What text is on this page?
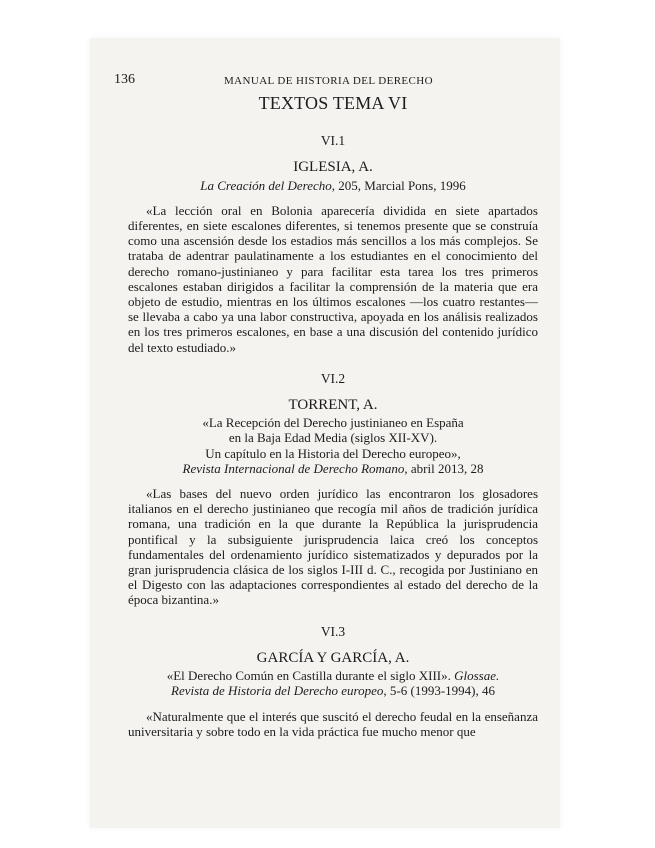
136	MANUAL DE HISTORIA DEL DERECHO
TEXTOS TEMA VI
VI.1
IGLESIA, A.
La Creación del Derecho, 205, Marcial Pons, 1996

«La lección oral en Bolonia aparecería dividida en siete apartados diferentes, en siete escalones diferentes, si tenemos presente que se construía como una ascensión desde los estadios más sencillos a los más complejos. Se trataba de adentrar paulatinamente a los estudiantes en el conocimiento del derecho romano-justinianeo y para facilitar esta tarea los tres primeros escalones estaban dirigidos a facilitar la comprensión de la materia que era objeto de estudio, mientras en los últimos escalones —los cuatro restantes— se llevaba a cabo ya una labor constructiva, apoyada en los análisis realizados en los tres primeros escalones, en base a una discusión del contenido jurídico del texto estudiado.»

VI.2
TORRENT, A.
«La Recepción del Derecho justinianeo en España
en la Baja Edad Media (siglos XII-XV).
Un capítulo en la Historia del Derecho europeo»,
Revista Internacional de Derecho Romano, abril 2013, 28

«Las bases del nuevo orden jurídico las encontraron los glosadores italianos en el derecho justinianeo que recogía mil años de tradición jurídica romana, una tradición en la que durante la República la jurisprudencia pontifical y la subsiguiente jurisprudencia laica creó los conceptos fundamentales del ordenamiento jurídico sistematizados y depurados por la gran jurisprudencia clásica de los siglos I-III d. C., recogida por Justiniano en el Digesto con las adaptaciones correspondientes al estado del derecho de la época bizantina.»

VI.3
GARCÍA Y GARCÍA, A.
«El Derecho Común en Castilla durante el siglo XIII». Glossae.
Revista de Historia del Derecho europeo, 5-6 (1993-1994), 46

«Naturalmente que el interés que suscitó el derecho feudal en la enseñanza universitaria y sobre todo en la vida práctica fue mucho menor que
